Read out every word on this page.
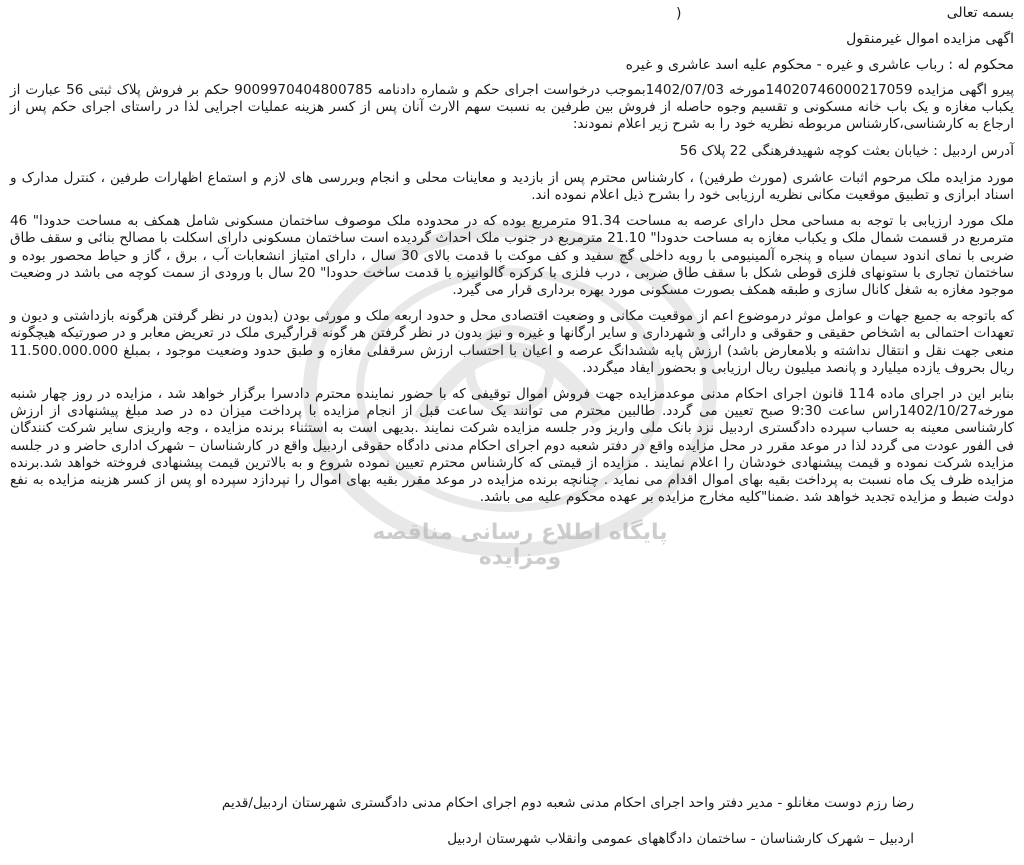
پایگاه اطلاع رسانی مناقصه ومزایده
)	بسمه تعالی
اگهی مزایده اموال غیرمنقول
محکوم له : رباب عاشری و غیره - محکوم علیه اسد عاشری و غیره

پیرو اگهی مزایده 14020746000217059مورخه 1402/07/03بموجب درخواست اجرای حکم و شماره دادنامه 9009970404800785 حکم بر فروش پلاک ثبتی 56 عبارت از یکباب مغازه و یک باب خانه مسکونی و تقسیم وجوه حاصله از فروش بین طرفین به نسبت سهم الارث آنان پس از کسر هزینه عملیات اجرایی لذا در راستای اجرای حکم پس از ارجاع به کارشناسی،کارشناس مربوطه نظریه خود را به شرح زیر اعلام نمودند:

آدرس اردبیل : خیابان بعثت کوچه شهیدفرهنگی 22 پلاک 56

مورد مزایده ملک مرحوم اثبات عاشری (مورث طرفین) ، کارشناس محترم پس از بازدید و معاینات محلی و انجام وبررسی های لازم و استماع اظهارات طرفین ، کنترل مدارک و اسناد ابرازی و تطبیق موقعیت مکانی نظریه ارزیابی خود را بشرح ذیل اعلام نموده اند.

ملک مورد ارزیابی با توجه به مساحی محل دارای عرصه به مساحت 91.34 مترمربع بوده که در محدوده ملک موصوف ساختمان مسکونی شامل همکف به مساحت حدودا" 46 مترمربع در قسمت شمال ملک و یکباب مغازه به مساحت حدودا" 21.10 مترمربع در جنوب ملک احداث گردیده است ساختمان مسکونی دارای اسکلت با مصالح بنائی و سقف طاق ضربی با نمای اندود سیمان سیاه و پنجره آلمینیومی با رویه داخلی گچ سفید و کف موکت با قدمت بالای 30 سال ، دارای امتیاز انشعابات آب ، برق ، گاز و حیاط محصور بوده و ساختمان تجاری با ستونهای فلزی قوطی شکل با سقف طاق ضربی ، درب فلزی با کرکره گالوانیزه با قدمت ساخت حدودا" 20 سال با ورودی از سمت کوچه می باشد در وضعیت موجود مغازه به شغل کانال سازی و طبقه همکف بصورت مسکونی مورد بهره برداری قرار می گیرد.

که باتوجه به جمیع جهات و عوامل موثر درموضوع اعم از موقعیت مکانی و وضعیت اقتصادی محل و حدود اربعه ملک و مورثی بودن (بدون در نظر گرفتن هرگونه بازداشتی و دیون و تعهدات احتمالی به اشخاص حقیقی و حقوقی و دارائی و شهرداری و سایر ارگانها و غیره و نیز بدون در نظر گرفتن هر گونه قرارگیری ملک در تعریض معابر و در صورتیکه هیچگونه منعی جهت نقل و انتقال نداشته و بلامعارض باشد) ارزش پایه ششدانگ عرصه و اعیان با احتساب ارزش سرقفلی مغازه و طبق حدود وضعیت موجود ، بمبلغ 11.500.000.000 ریال بحروف یازده میلیارد و پانصد میلیون ریال ارزیابی و بحضور ایفاد میگردد.

بنابر این در اجرای ماده 114 قانون اجرای احکام مدنی موعدمزایده جهت فروش اموال توقیفی که با حضور نماینده محترم دادسرا برگزار خواهد شد ، مزایده در روز چهار شنبه مورخه1402/10/27راس ساعت 9:30 صبح تعیین می گردد. طالبین محترم می توانند یک ساعت قبل از انجام مزایده با پرداخت میزان ده در صد مبلغ پیشنهادی از ارزش کارشناسی معینه به حساب سپرده دادگستری اردبیل نزد بانک ملی واریز ودر جلسه مزایده شرکت نمایند .بدیهی است به استثناء برنده مزایده ، وجه واریزی سایر شرکت کنندگان فی الفور عودت می گردد لذا در موعد مقرر در محل مزایده واقع در دفتر شعبه دوم اجرای احکام مدنی دادگاه حقوقی اردبیل واقع در کارشناسان – شهرک اداری حاضر و در جلسه مزایده شرکت نموده و قیمت پیشنهادی خودشان را اعلام نمایند . مزایده از قیمتی که کارشناس محترم تعیین نموده شروع و به بالاترین قیمت پیشنهادی فروخته خواهد شد.برنده مزایده ظرف یک ماه نسبت به پرداخت بقیه بهای اموال اقدام می نماید . چنانچه برنده مزایده در موعد مقرر بقیه بهای اموال را نپردازد سپرده او پس از کسر هزینه مزایده به نفع دولت ضبط و مزایده تجدید خواهد شد .ضمنا"کلیه مخارج مزایده بر عهده محکوم علیه می باشد.

رضا رزم دوست مغانلو - مدیر دفتر واحد اجرای احکام مدنی شعبه دوم اجرای احکام مدنی دادگستری شهرستان اردبیل/قدیم
اردبیل – شهرک کارشناسان - ساختمان دادگاههای عمومی وانقلاب شهرستان اردبیل
